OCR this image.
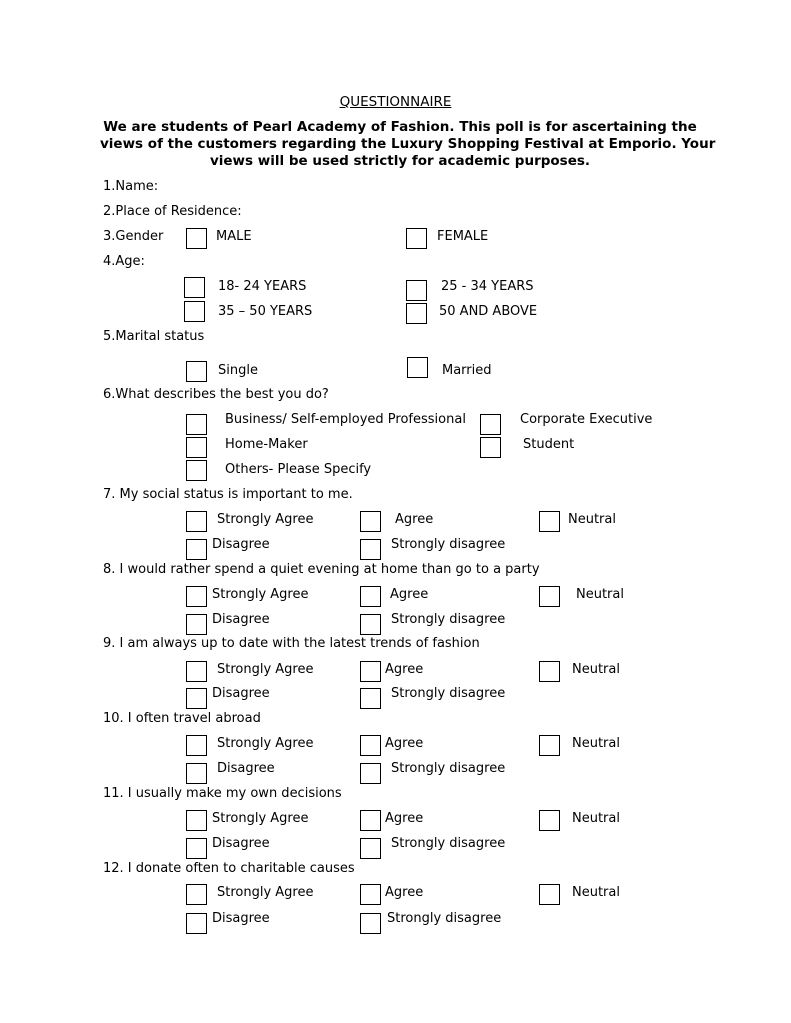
QUESTIONNAIRE
We are students of Pearl Academy of Fashion. This poll is for ascertaining the
views of the customers regarding the Luxury Shopping Festival at Emporio. Your
views will be used strictly for academic purposes.
1.Name:
2.Place of Residence:
3.Gender	MALE	FEMALE
4.Age:
18- 24 YEARS	25 - 34 YEARS
35 – 50 YEARS	50 AND ABOVE
5.Marital status
Single	Married
6.What describes the best you do?
Business/ Self-employed Professional	Corporate Executive
Home-Maker	Student
Others- Please Specify
7. My social status is important to me.
Strongly Agree	Agree	Neutral
Disagree	Strongly disagree
8. I would rather spend a quiet evening at home than go to a party
Strongly Agree	Agree	Neutral
Disagree	Strongly disagree
9. I am always up to date with the latest trends of fashion
Strongly Agree	Agree	Neutral
Disagree	Strongly disagree
10. I often travel abroad
Strongly Agree	Agree	Neutral
Disagree	Strongly disagree
11. I usually make my own decisions
Strongly Agree	Agree	Neutral
Disagree	Strongly disagree
12. I donate often to charitable causes
Strongly Agree	Agree	Neutral
Disagree	Strongly disagree
